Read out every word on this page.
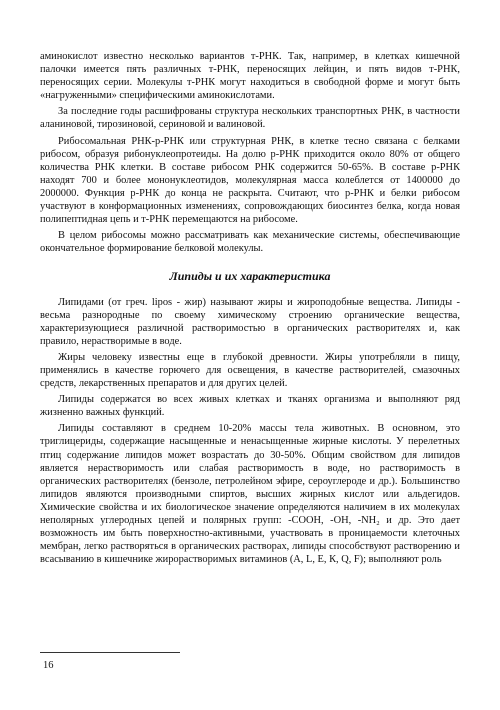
аминокислот известно несколько вариантов т-РНК. Так, например, в клетках кишечной палочки имеется пять различных т-РНК, переносящих лейцин, и пять видов т-РНК, переносящих серии. Молекулы т-РНК могут находиться в свободной форме и могут быть «нагруженными» специфическими аминокислотами.

За последние годы расшифрованы структура нескольких транспортных РНК, в частности аланиновой, тирозиновой, сериновой и валиновой.

Рибосомальная РНК-р-РНК или структурная РНК, в клетке тесно связана с белками рибосом, образуя рибонуклеопротеиды. На долю р-РНК приходится около 80% от общего количества РНК клетки. В составе рибосом РНК содержится 50-65%. В составе р-РНК находят 700 и более мононуклеотидов, молекулярная масса колеблется от 1400000 до 2000000. Функция р-РНК до конца не раскрыта. Считают, что р-РНК и белки рибосом участвуют в конформационных изменениях, сопровождающих биосинтез белка, когда новая полипептидная цепь и т-РНК перемещаются на рибосоме.

В целом рибосомы можно рассматривать как механические системы, обеспечивающие окончательное формирование белковой молекулы.

Липиды и их характеристика

Липидами (от греч. lipos - жир) называют жиры и жироподобные вещества. Липиды - весьма разнородные по своему химическому строению органические вещества, характеризующиеся различной растворимостью в органических растворителях и, как правило, нерастворимые в воде.

Жиры человеку известны еще в глубокой древности. Жиры употребляли в пищу, применялись в качестве горючего для освещения, в качестве растворителей, смазочных средств, лекарственных препаратов и для других целей.

Липиды содержатся во всех живых клетках и тканях организма и выполняют ряд жизненно важных функций.

Липиды составляют в среднем 10-20% массы тела животных. В основном, это триглицериды, содержащие насыщенные и ненасыщенные жирные кислоты. У перелетных птиц содержание липидов может возрастать до 30-50%. Общим свойством для липидов является нерастворимость или слабая растворимость в воде, но растворимость в органических растворителях (бензоле, петролейном эфире, сероуглероде и др.). Большинство липидов являются производными спиртов, высших жирных кислот или альдегидов. Химические свойства и их биологическое значение определяются наличием в их молекулах неполярных углеродных цепей и полярных групп: -СООН, -ОН, -NH₂ и др. Это дает возможность им быть поверхностно-активными, участвовать в проницаемости клеточных мембран, легко растворяться в органических растворах, липиды способствуют растворению и всасыванию в кишечнике жирорастворимых витаминов (А, L, Е, К, Q, F); выполняют роль

16
